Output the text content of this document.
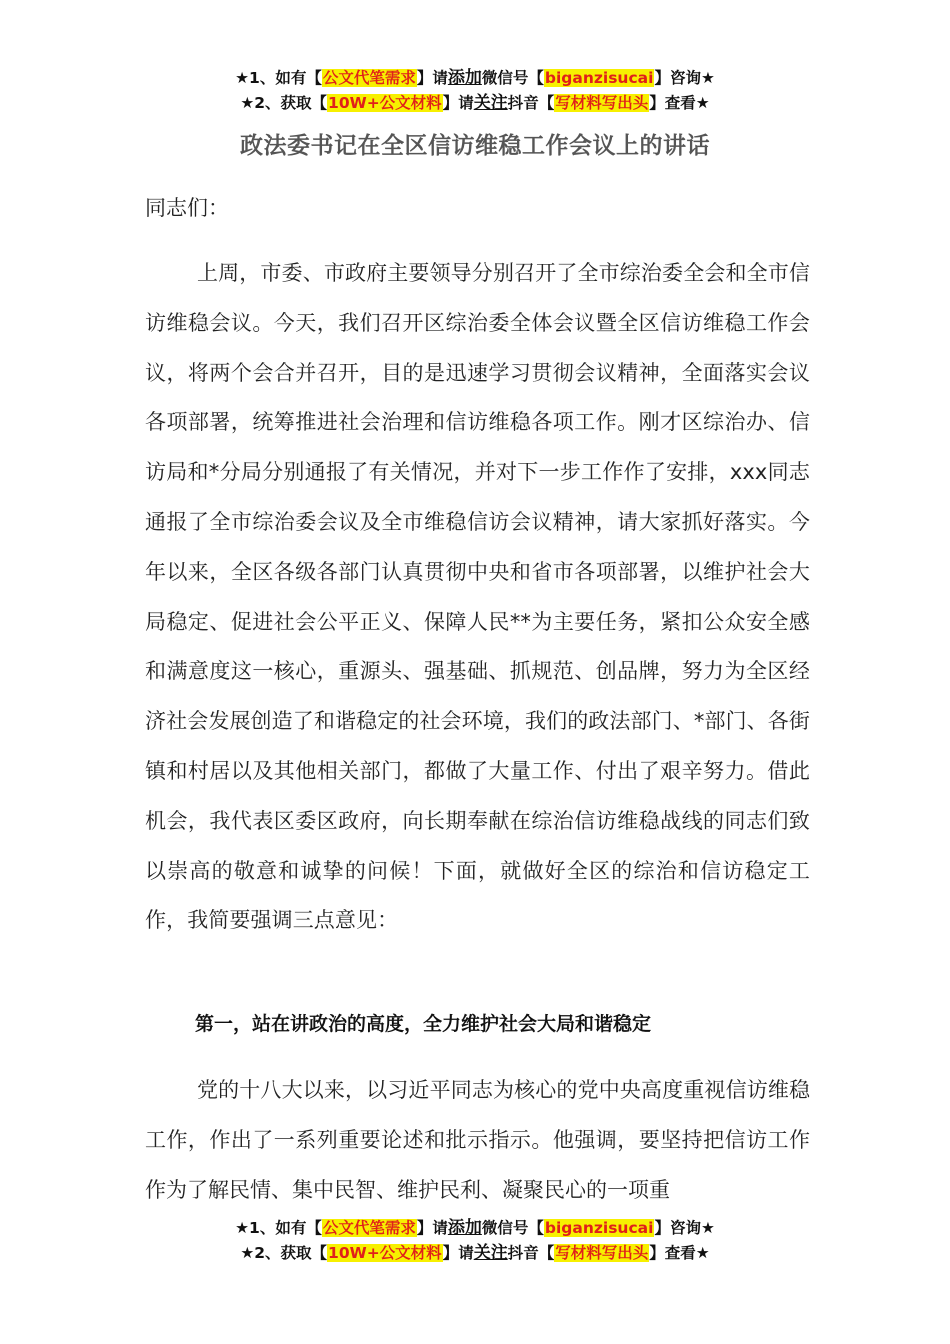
★1、如有【公文代笔需求】请添加微信号【biganzisucai】咨询★
★2、获取【10W+公文材料】请关注抖音【写材料写出头】查看★
政法委书记在全区信访维稳工作会议上的讲话
同志们：
上周，市委、市政府主要领导分别召开了全市综治委全会和全市信访维稳会议。今天，我们召开区综治委全体会议暨全区信访维稳工作会议，将两个会合并召开，目的是迅速学习贯彻会议精神，全面落实会议各项部署，统筹推进社会治理和信访维稳各项工作。刚才区综治办、信访局和*分局分别通报了有关情况，并对下一步工作作了安排，xxx同志通报了全市综治委会议及全市维稳信访会议精神，请大家抓好落实。今年以来，全区各级各部门认真贯彻中央和省市各项部署，以维护社会大局稳定、促进社会公平正义、保障人民**为主要任务，紧扣公众安全感和满意度这一核心，重源头、强基础、抓规范、创品牌，努力为全区经济社会发展创造了和谐稳定的社会环境，我们的政法部门、*部门、各街镇和村居以及其他相关部门，都做了大量工作、付出了艰辛努力。借此机会，我代表区委区政府，向长期奉献在综治信访维稳战线的同志们致以崇高的敬意和诚挚的问候！下面，就做好全区的综治和信访稳定工作，我简要强调三点意见：
第一，站在讲政治的高度，全力维护社会大局和谐稳定
党的十八大以来，以习近平同志为核心的党中央高度重视信访维稳工作，作出了一系列重要论述和批示指示。他强调，要坚持把信访工作作为了解民情、集中民智、维护民利、凝聚民心的一项重
★1、如有【公文代笔需求】请添加微信号【biganzisucai】咨询★
★2、获取【10W+公文材料】请关注抖音【写材料写出头】查看★
